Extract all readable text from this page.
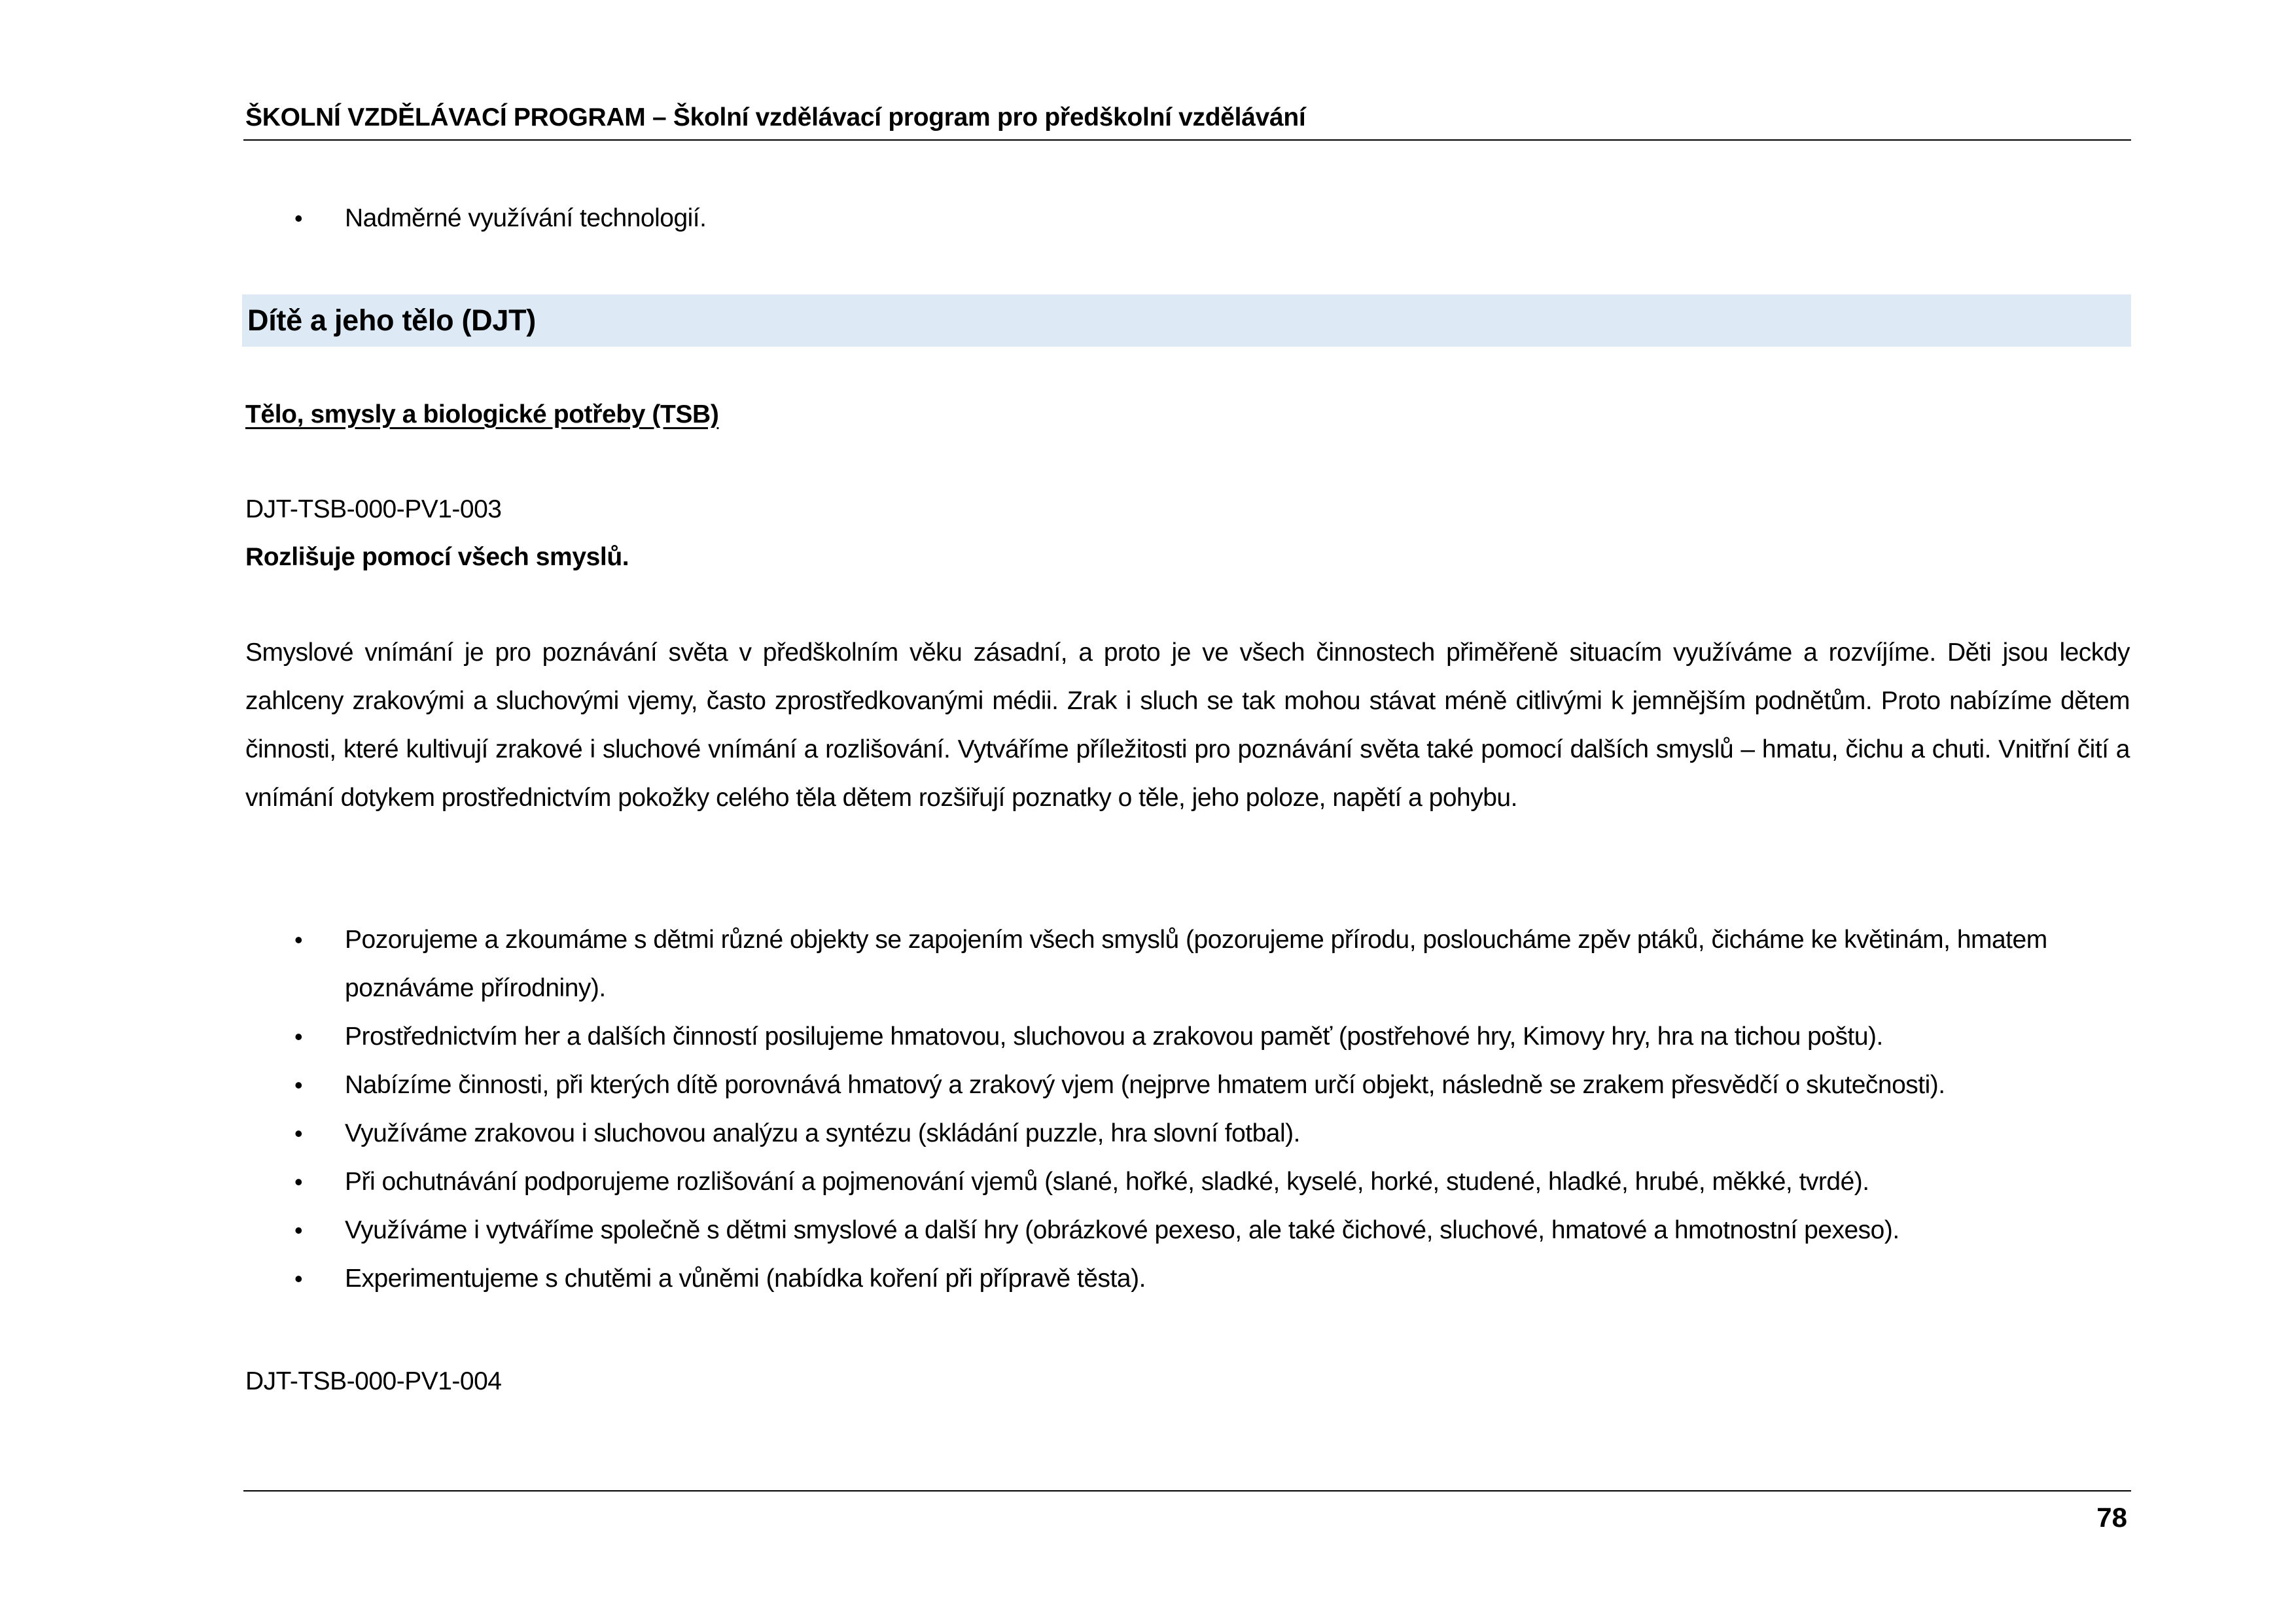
ŠKOLNÍ VZDĚLÁVACÍ PROGRAM – Školní vzdělávací program pro předškolní vzdělávání
•	Nadměrné využívání technologií.
Dítě a jeho tělo (DJT)
Tělo, smysly a biologické potřeby (TSB)
DJT-TSB-000-PV1-003
Rozlišuje pomocí všech smyslů.

Smyslové vnímání je pro poznávání světa v předškolním věku zásadní, a proto je ve všech činnostech přiměřeně situacím využíváme a rozvíjíme. Děti jsou leckdy zahlceny zrakovými a sluchovými vjemy, často zprostředkovanými médii. Zrak i sluch se tak mohou stávat méně citlivými k jemnějším podnětům. Proto nabízíme dětem činnosti, které kultivují zrakové i sluchové vnímání a rozlišování. Vytváříme příležitosti pro poznávání světa také pomocí dalších smyslů – hmatu, čichu a chuti. Vnitřní čití a vnímání dotykem prostřednictvím pokožky celého těla dětem rozšiřují poznatky o těle, jeho poloze, napětí a pohybu.

•	Pozorujeme a zkoumáme s dětmi různé objekty se zapojením všech smyslů (pozorujeme přírodu, posloucháme zpěv ptáků, čicháme ke květinám, hmatem poznáváme přírodniny).
•	Prostřednictvím her a dalších činností posilujeme hmatovou, sluchovou a zrakovou paměť (postřehové hry, Kimovy hry, hra na tichou poštu).
•	Nabízíme činnosti, při kterých dítě porovnává hmatový a zrakový vjem (nejprve hmatem určí objekt, následně se zrakem přesvědčí o skutečnosti).
•	Využíváme zrakovou i sluchovou analýzu a syntézu (skládání puzzle, hra slovní fotbal).
•	Při ochutnávání podporujeme rozlišování a pojmenování vjemů (slané, hořké, sladké, kyselé, horké, studené, hladké, hrubé, měkké, tvrdé).
•	Využíváme i vytváříme společně s dětmi smyslové a další hry (obrázkové pexeso, ale také čichové, sluchové, hmatové a hmotnostní pexeso).
•	Experimentujeme s chutěmi a vůněmi (nabídka koření při přípravě těsta).
DJT-TSB-000-PV1-004
78
